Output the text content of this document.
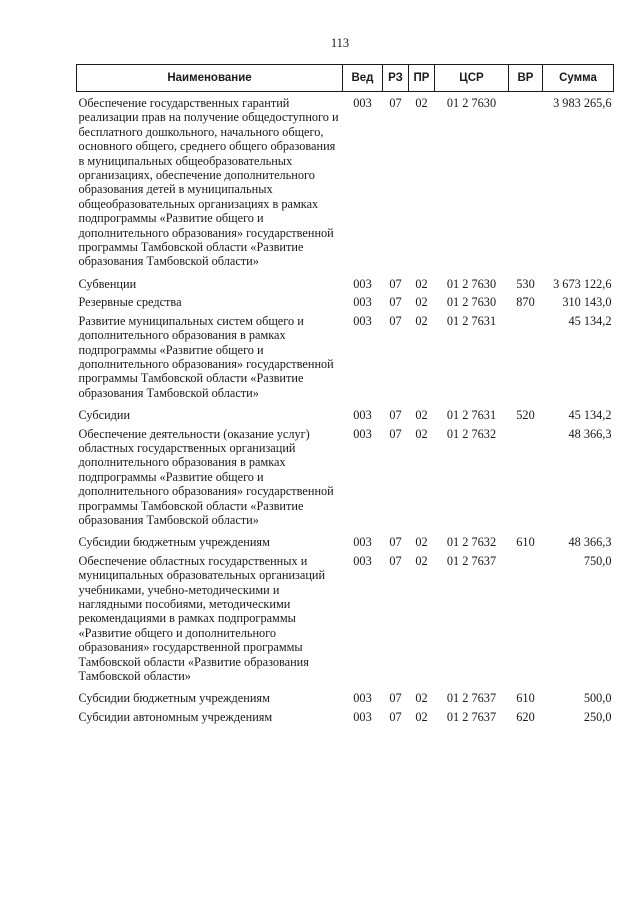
113
Наименование	Вед	РЗ	ПР	ЦСР	ВР	Сумма
Обеспечение государственных гарантий реализации прав на получение общедоступного и бесплатного дошкольного, начального общего, основного общего, среднего общего образования в муниципальных общеобразовательных организациях, обеспечение дополнительного образования детей в муниципальных общеобразовательных организациях в рамках подпрограммы «Развитие общего и дополнительного образования» государственной программы Тамбовской области «Развитие образования Тамбовской области»	003	07	02	01 2 7630		3 983 265,6
Субвенции	003	07	02	01 2 7630	530	3 673 122,6
Резервные средства	003	07	02	01 2 7630	870	310 143,0
Развитие муниципальных систем общего и дополнительного образования в рамках подпрограммы «Развитие общего и дополнительного образования» государственной программы Тамбовской области «Развитие образования Тамбовской области»	003	07	02	01 2 7631		45 134,2
Субсидии	003	07	02	01 2 7631	520	45 134,2
Обеспечение деятельности (оказание услуг) областных государственных организаций дополнительного образования в рамках подпрограммы «Развитие общего и дополнительного образования» государственной программы Тамбовской области «Развитие образования Тамбовской области»	003	07	02	01 2 7632		48 366,3
Субсидии бюджетным учреждениям	003	07	02	01 2 7632	610	48 366,3
Обеспечение областных государственных и муниципальных образовательных организаций учебниками, учебно-методическими и наглядными пособиями, методическими рекомендациями в рамках подпрограммы «Развитие общего и дополнительного образования» государственной программы Тамбовской области «Развитие образования Тамбовской области»	003	07	02	01 2 7637		750,0
Субсидии бюджетным учреждениям	003	07	02	01 2 7637	610	500,0
Субсидии автономным учреждениям	003	07	02	01 2 7637	620	250,0
